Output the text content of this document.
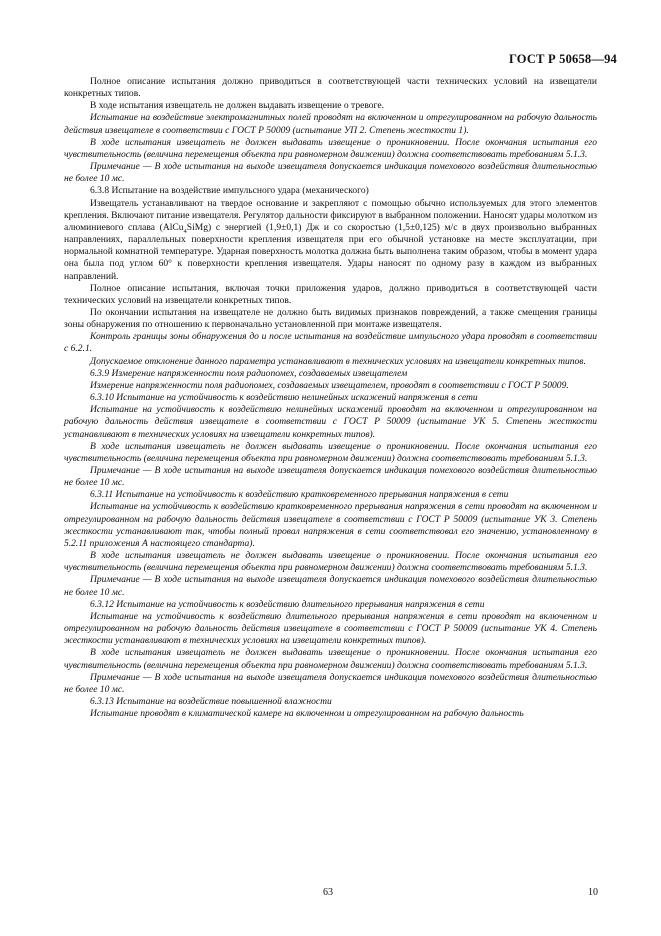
ГОСТ Р 50658—94

Полное описание испытания должно приводиться в соответствующей части технических условий на извещатели конкретных типов.

В ходе испытания извещатель не должен выдавать извещение о тревоге.

Испытание на воздействие электромагнитных полей проводят на включенном и отрегулированном на рабочую дальность действия извещателе в соответствии с ГОСТ Р 50009 (испытание УП 2. Степень жесткости 1).

В ходе испытания извещатель не должен выдавать извещение о проникновении. После окончания испытания его чувствительность (величина перемещения объекта при равномерном движении) должна соответствовать требованиям 5.1.3.

Примечание — В ходе испытания на выходе извещателя допускается индикация помехового воздействия длительностью не более 10 мс.

6.3.8 Испытание на воздействие импульсного удара (механического)

Извещатель устанавливают на твердое основание и закрепляют с помощью обычно используемых для этого элементов крепления. Включают питание извещателя. Регулятор дальности фиксируют в выбранном положении. Наносят удары молотком из алюминиевого сплава (AlCu$_4$SiMg) с энергией (1,9±0,1) Дж и со скоростью (1,5±0,125) м/с в двух произвольно выбранных направлениях, параллельных поверхности крепления извещателя при его обычной установке на месте эксплуатации, при нормальной комнатной температуре. Ударная поверхность молотка должна быть выполнена таким образом, чтобы в момент удара она была под углом 60° к поверхности крепления извещателя. Удары наносят по одному разу в каждом из выбранных направлений.

Полное описание испытания, включая точки приложения ударов, должно приводиться в соответствующей части технических условий на извещатели конкретных типов.

По окончании испытания на извещателе не должно быть видимых признаков повреждений, а также смещения границы зоны обнаружения по отношению к первоначально установленной при монтаже извещателя.

Контроль границы зоны обнаружения до и после испытания на воздействие импульсного удара проводят в соответствии с 6.2.1.

Допускаемое отклонение данного параметра устанавливают в технических условиях на извещатели конкретных типов.

6.3.9 Измерение напряженности поля радиопомех, создаваемых извещателем

Измерение напряженности поля радиопомех, создаваемых извещателем, проводят в соответствии с ГОСТ Р 50009.

6.3.10 Испытание на устойчивость к воздействию нелинейных искажений напряжения в сети

Испытание на устойчивость к воздействию нелинейных искажений проводят на включенном и отрегулированном на рабочую дальность действия извещателе в соответствии с ГОСТ Р 50009 (испытание УК 5. Степень жесткости устанавливают в технических условиях на извещатели конкретных типов).

В ходе испытания извещатель не должен выдавать извещение о проникновении. После окончания испытания его чувствительность (величина перемещения объекта при равномерном движении) должна соответствовать требованиям 5.1.3.

Примечание — В ходе испытания на выходе извещателя допускается индикация помехового воздействия длительностью не более 10 мс.

6.3.11 Испытание на устойчивость к воздействию кратковременного прерывания напряжения в сети

Испытание на устойчивость к воздействию кратковременного прерывания напряжения в сети проводят на включенном и отрегулированном на рабочую дальность действия извещателе в соответствии с ГОСТ Р 50009 (испытание УК 3. Степень жесткости устанавливают так, чтобы полный провал напряжения в сети соответствовал его значению, установленному в 5.2.11 приложения А настоящего стандарта).

В ходе испытания извещатель не должен выдавать извещение о проникновении. После окончания испытания его чувствительность (величина перемещения объекта при равномерном движении) должна соответствовать требованиям 5.1.3.

Примечание — В ходе испытания на выходе извещателя допускается индикация помехового воздействия длительностью не более 10 мс.

6.3.12 Испытание на устойчивость к воздействию длительного прерывания напряжения в сети

Испытание на устойчивость к воздействию длительного прерывания напряжения в сети проводят на включенном и отрегулированном на рабочую дальность действия извещателе в соответствии с ГОСТ Р 50009 (испытание УК 4. Степень жесткости устанавливают в технических условиях на извещатели конкретных типов).

В ходе испытания извещатель не должен выдавать извещение о проникновении. После окончания испытания его чувствительность (величина перемещения объекта при равномерном движении) должна соответствовать требованиям 5.1.3.

Примечание — В ходе испытания на выходе извещателя допускается индикация помехового воздействия длительностью не более 10 мс.

6.3.13 Испытание на воздействие повышенной влажности

Испытание проводят в климатической камере на включенном и отрегулированном на рабочую дальность

63	10
